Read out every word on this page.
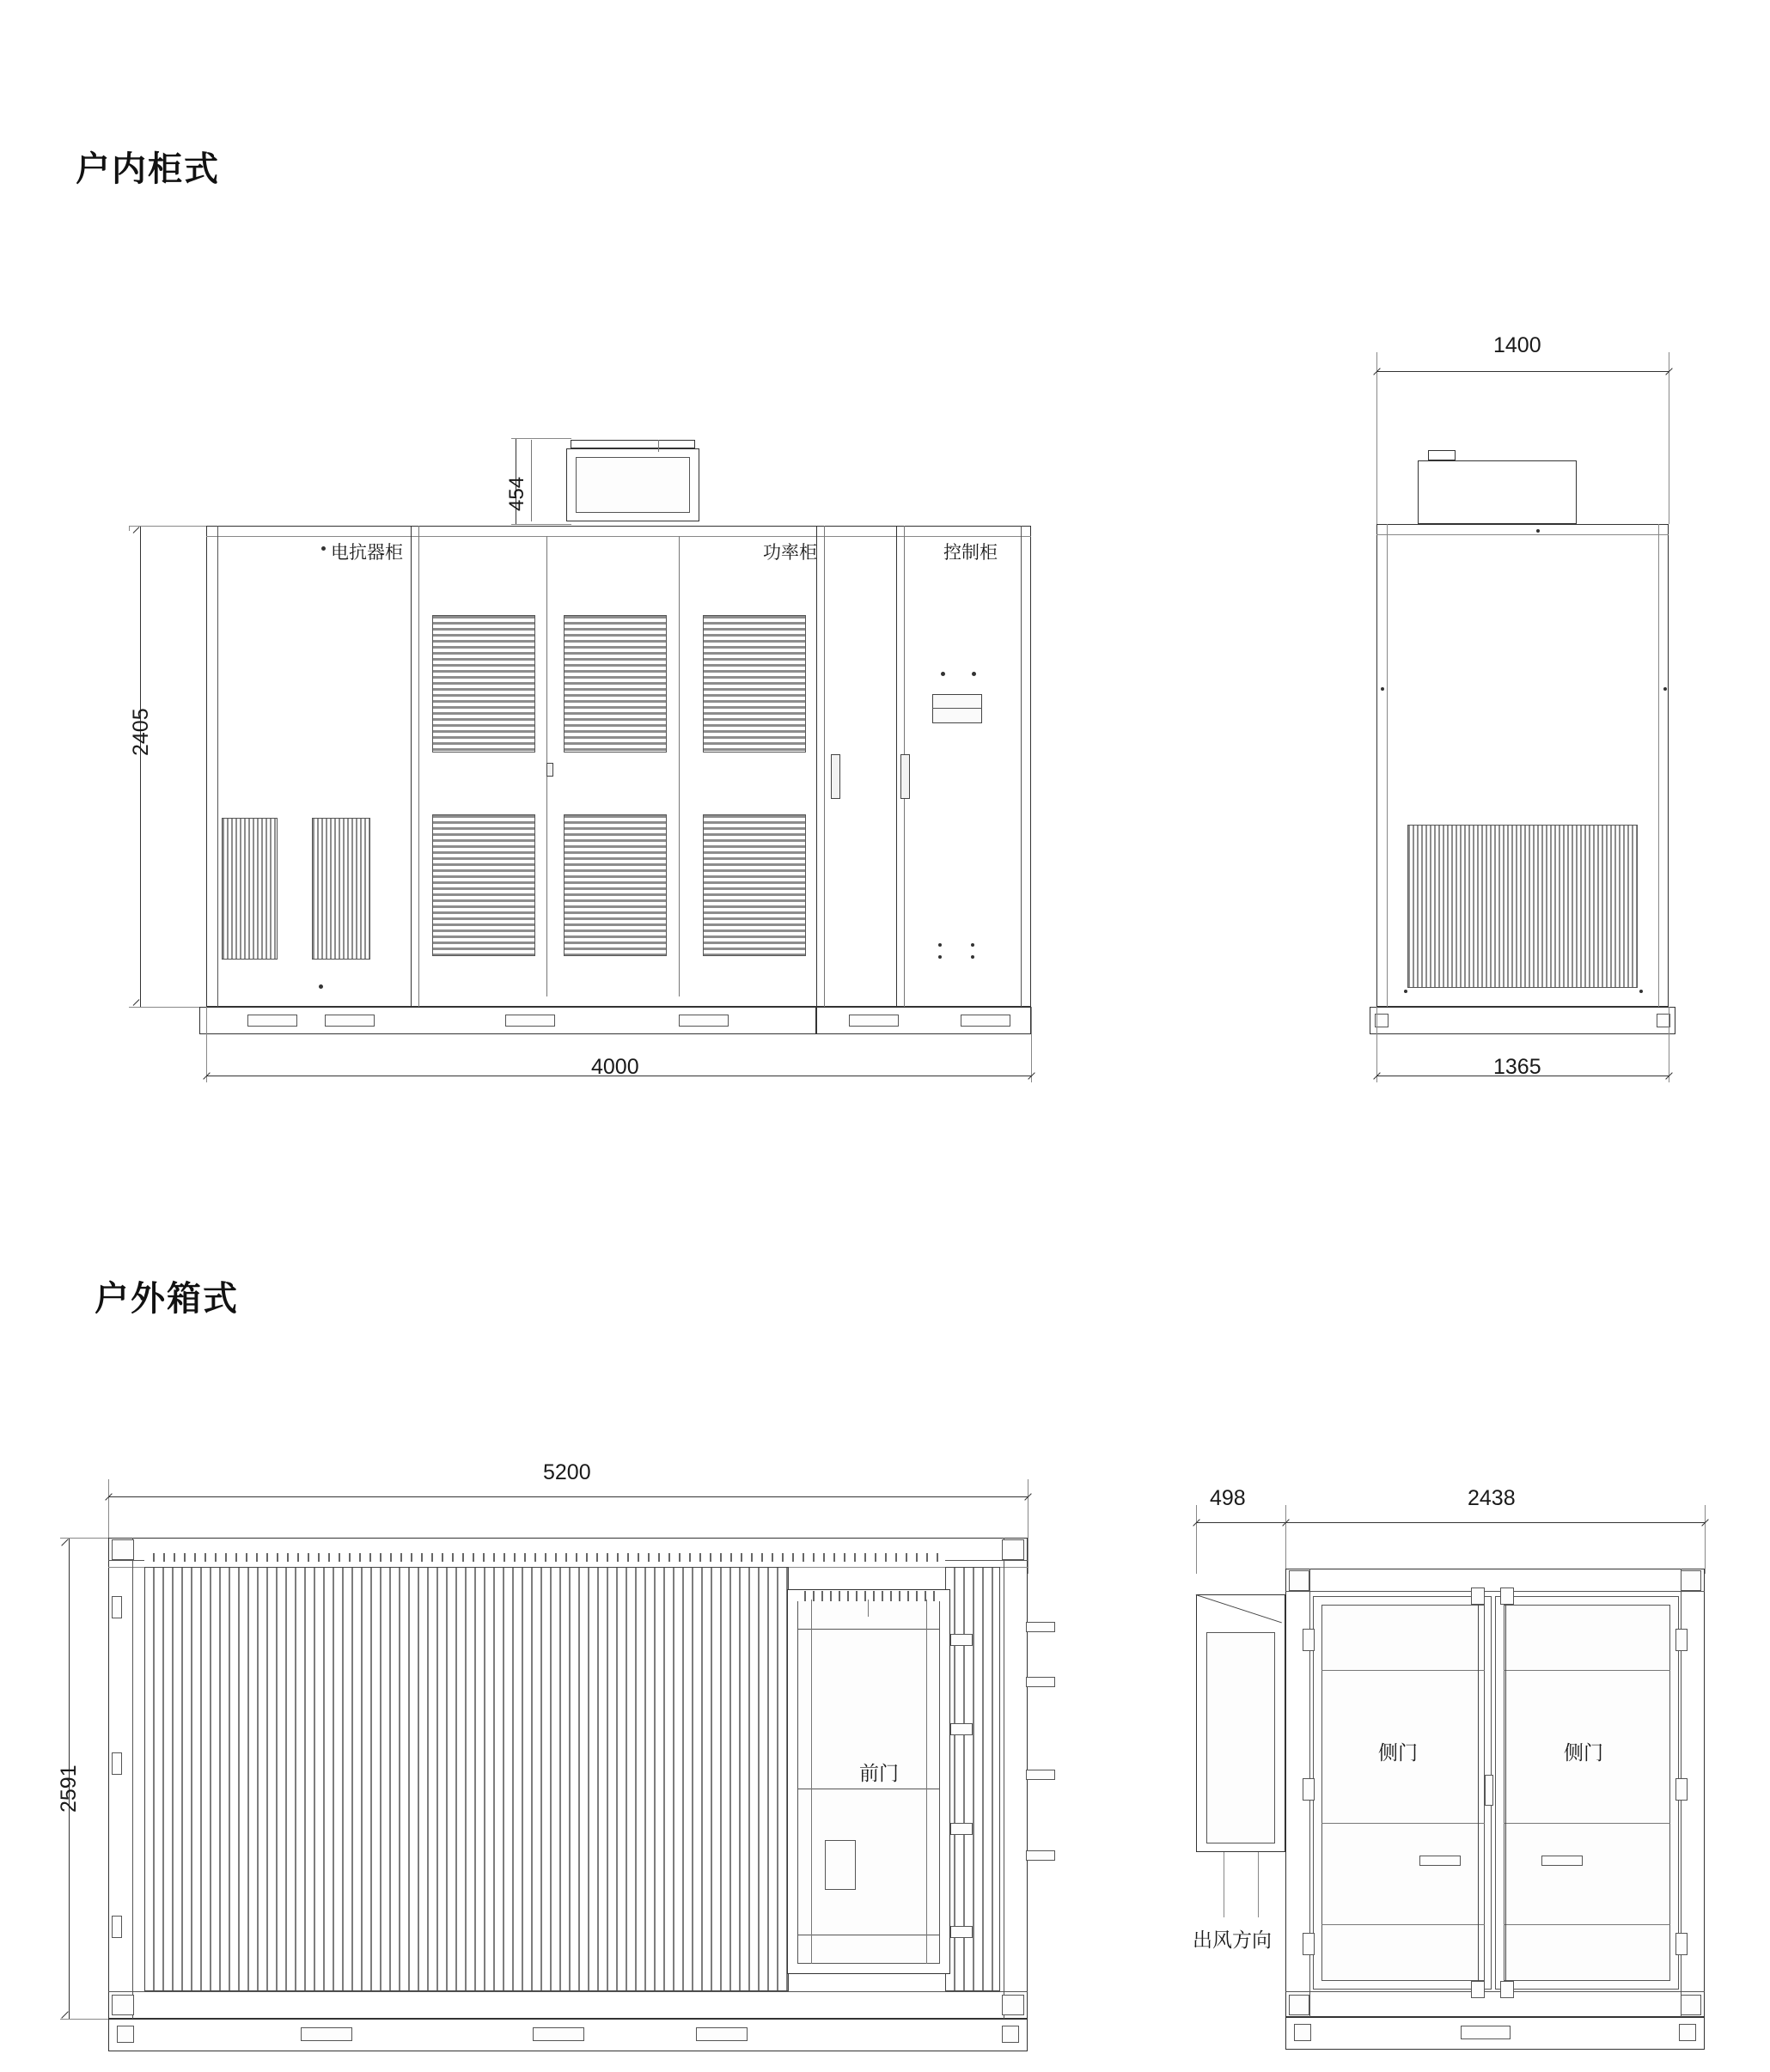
户内柜式
户外箱式
2405
454
电抗器柜	功率柜	控制柜
4000
1400
1365
5200
2591	前门
498	2438
侧门	侧门
出风方向
